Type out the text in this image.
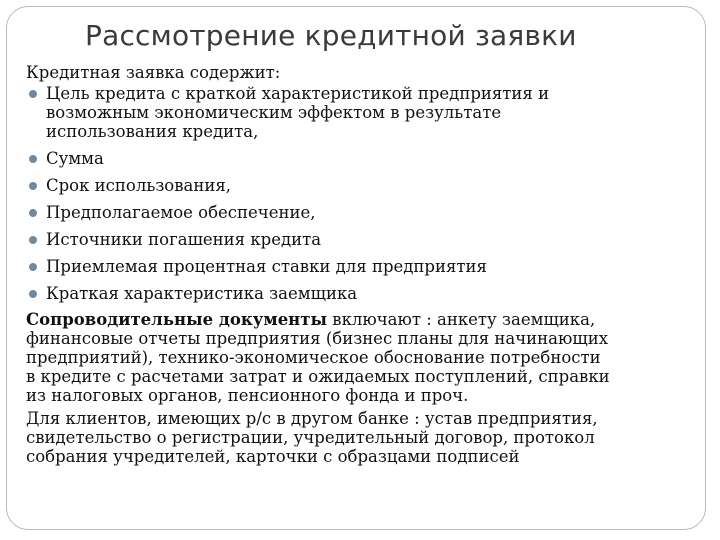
Рассмотрение кредитной заявки
Кредитная заявка содержит:
Цель кредита с краткой характеристикой предприятия и
возможным экономическим эффектом в результате
использования кредита,
Сумма
Срок использования,
Предполагаемое обеспечение,
Источники погашения кредита
Приемлемая процентная ставки для предприятия
Краткая характеристика заемщика
Сопроводительные документы включают : анкету заемщика,
финансовые отчеты предприятия (бизнес планы для начинающих
предприятий), технико-экономическое обоснование потребности
в кредите с расчетами затрат и ожидаемых поступлений, справки
из налоговых органов, пенсионного фонда и проч.
Для клиентов, имеющих р/с в другом банке : устав предприятия,
свидетельство о регистрации, учредительный договор, протокол
собрания учредителей, карточки с образцами подписей
